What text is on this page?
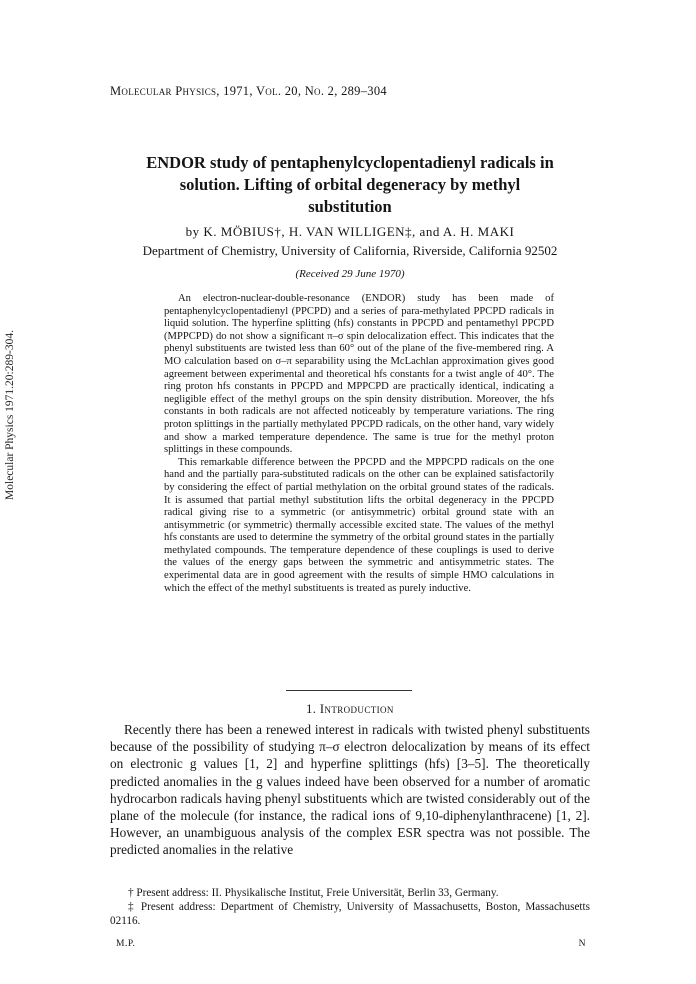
Molecular Physics 1971.20:289-304.
Molecular Physics, 1971, Vol. 20, No. 2, 289–304
ENDOR study of pentaphenylcyclopentadienyl radicals in
solution. Lifting of orbital degeneracy by methyl
substitution
by K. MÖBIUS†, H. VAN WILLIGEN‡, and A. H. MAKI
Department of Chemistry, University of California, Riverside, California 92502
(Received 29 June 1970)

An electron-nuclear-double-resonance (ENDOR) study has been made of pentaphenylcyclopentadienyl (PPCPD) and a series of para-methylated PPCPD radicals in liquid solution. The hyperfine splitting (hfs) constants in PPCPD and pentamethyl PPCPD (MPPCPD) do not show a significant π–σ spin delocalization effect. This indicates that the phenyl substituents are twisted less than 60° out of the plane of the five-membered ring. A MO calculation based on σ–π separability using the McLachlan approximation gives good agreement between experimental and theoretical hfs constants for a twist angle of 40°. The ring proton hfs constants in PPCPD and MPPCPD are practically identical, indicating a negligible effect of the methyl groups on the spin density distribution. Moreover, the hfs constants in both radicals are not affected noticeably by temperature variations. The ring proton splittings in the partially methylated PPCPD radicals, on the other hand, vary widely and show a marked temperature dependence. The same is true for the methyl proton splittings in these compounds.

This remarkable difference between the PPCPD and the MPPCPD radicals on the one hand and the partially para-substituted radicals on the other can be explained satisfactorily by considering the effect of partial methylation on the orbital ground states of the radicals. It is assumed that partial methyl substitution lifts the orbital degeneracy in the PPCPD radical giving rise to a symmetric (or antisymmetric) orbital ground state with an antisymmetric (or symmetric) thermally accessible excited state. The values of the methyl hfs constants are used to determine the symmetry of the orbital ground states in the partially methylated compounds. The temperature dependence of these couplings is used to derive the values of the energy gaps between the symmetric and antisymmetric states. The experimental data are in good agreement with the results of simple HMO calculations in which the effect of the methyl substituents is treated as purely inductive.

1. Introduction

Recently there has been a renewed interest in radicals with twisted phenyl substituents because of the possibility of studying π–σ electron delocalization by means of its effect on electronic g values [1, 2] and hyperfine splittings (hfs) [3–5]. The theoretically predicted anomalies in the g values indeed have been observed for a number of aromatic hydrocarbon radicals having phenyl substituents which are twisted considerably out of the plane of the molecule (for instance, the radical ions of 9,10-diphenylanthracene) [1, 2]. However, an unambiguous analysis of the complex ESR spectra was not possible. The predicted anomalies in the relative

† Present address: II. Physikalische Institut, Freie Universität, Berlin 33, Germany.

‡ Present address: Department of Chemistry, University of Massachusetts, Boston, Massachusetts 02116.

M.P.	N
